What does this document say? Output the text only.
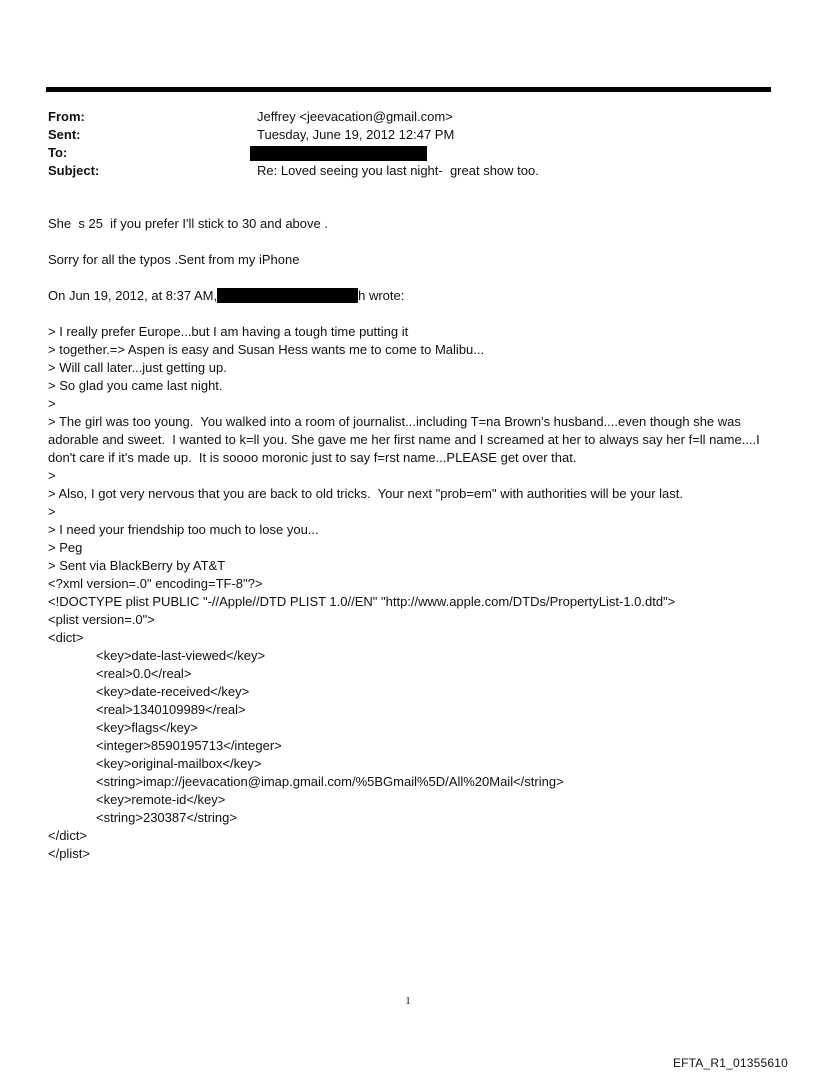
From:	Jeffrey <jeevacation@gmail.com>
Sent:	Tuesday, June 19, 2012 12:47 PM
To:
Subject:	Re: Loved seeing you last night-  great show too.

She  s 25  if you prefer I'll stick to 30 and above .

Sorry for all the typos .Sent from my iPhone

On Jun 19, 2012, at 8:37 AM,	h wrote:

> I really prefer Europe...but I am having a tough time putting it

> together.=> Aspen is easy and Susan Hess wants me to come to Malibu...

> Will call later...just getting up.

> So glad you came last night.

>

> The girl was too young.  You walked into a room of journalist...including T=na Brown's husband....even though she was adorable and sweet.  I wanted to k=ll you. She gave me her first name and I screamed at her to always say her f=ll name....I don't care if it's made up.  It is soooo moronic just to say f=rst name...PLEASE get over that.

>

> Also, I got very nervous that you are back to old tricks.  Your next "prob=em" with authorities will be your last.

>

> I need your friendship too much to lose you...

> Peg

> Sent via BlackBerry by AT&T

<?xml version=.0" encoding=TF-8"?>

<!DOCTYPE plist PUBLIC "-//Apple//DTD PLIST 1.0//EN" "http://www.apple.com/DTDs/PropertyList-1.0.dtd">

<plist version=.0">

<dict>

<key>date-last-viewed</key>

<real>0.0</real>

<key>date-received</key>

<real>1340109989</real>

<key>flags</key>

<integer>8590195713</integer>

<key>original-mailbox</key>

<string>imap://jeevacation@imap.gmail.com/%5BGmail%5D/All%20Mail</string>

<key>remote-id</key>

<string>230387</string>

</dict>

</plist>

1
EFTA_R1_01355610
